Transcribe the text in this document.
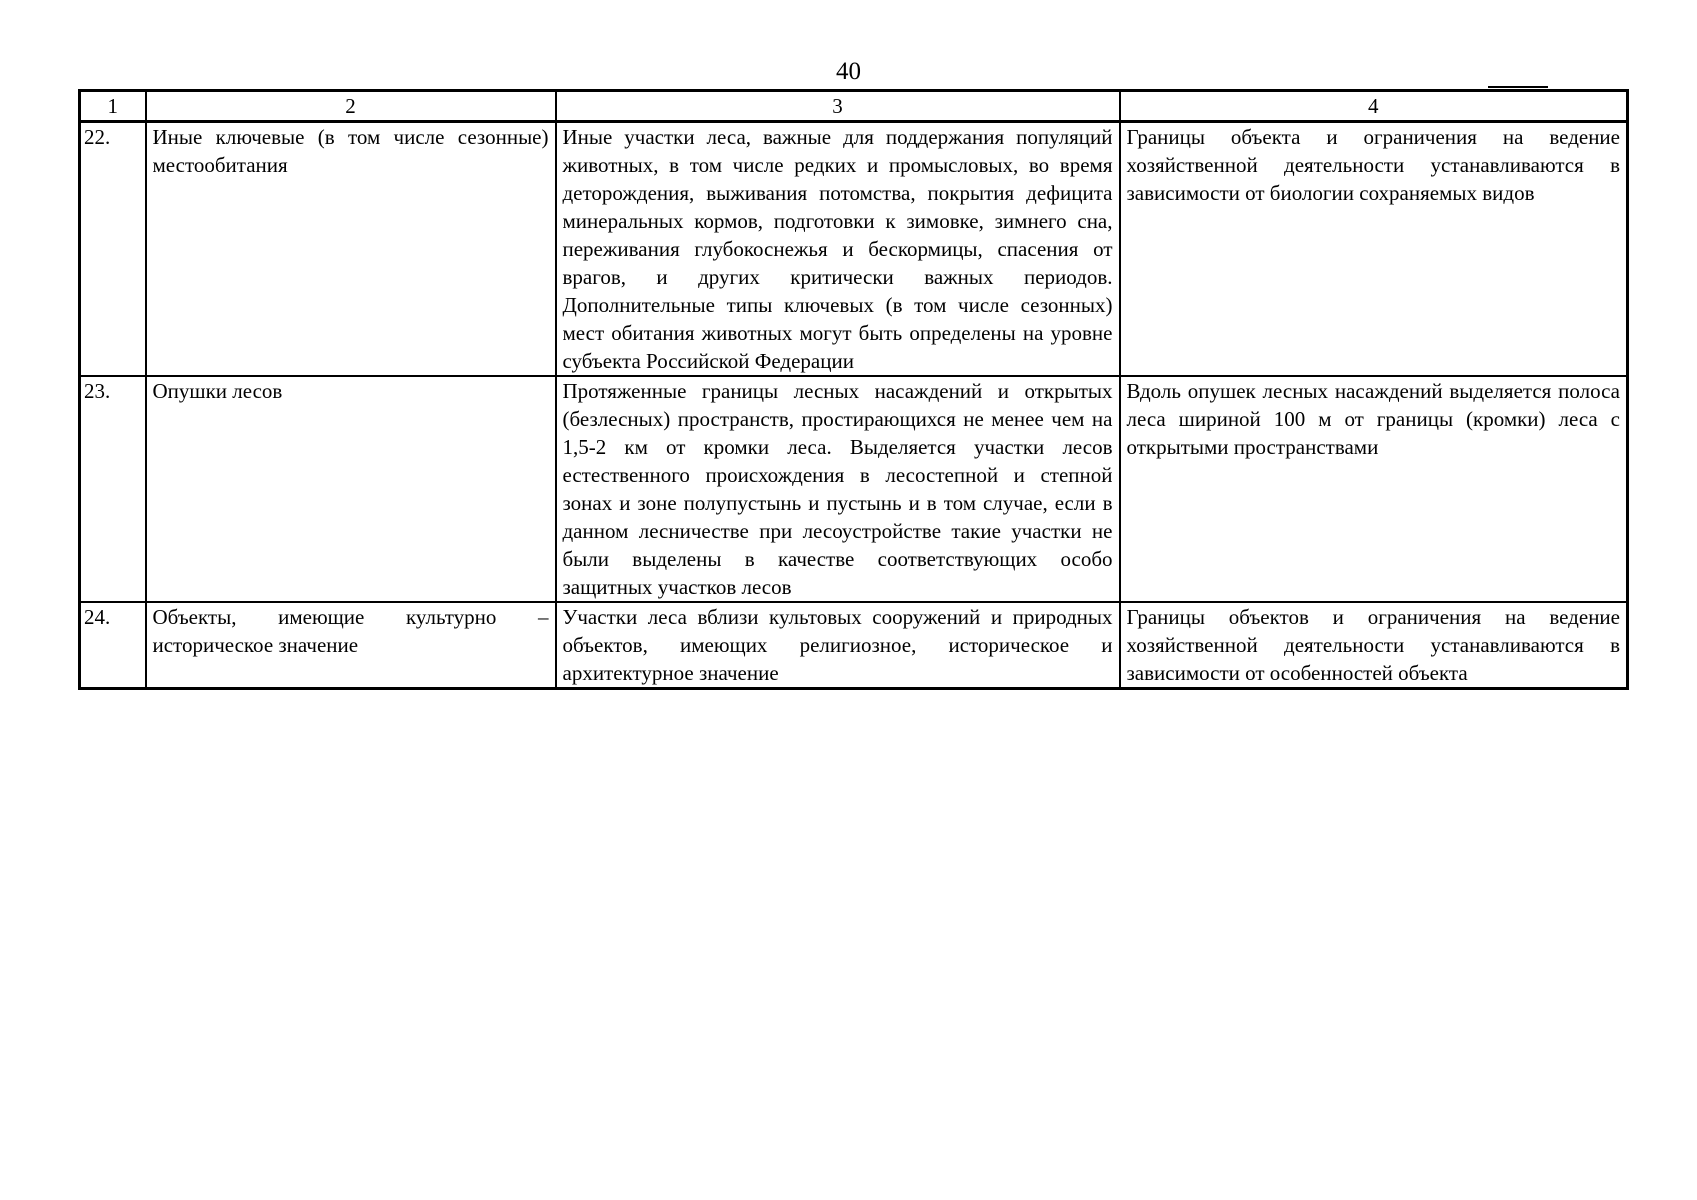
40
1	2	3	4
22.	Иные ключевые (в том числе сезонные) местообитания	Иные участки леса, важные для поддержания популяций животных, в том числе редких и промысловых, во время деторождения, выживания потомства, покрытия дефицита минеральных кормов, подготовки к зимовке, зимнего сна, переживания глубокоснежья и бескормицы, спасения от врагов, и других критически важных периодов. Дополнительные типы ключевых (в том числе сезонных) мест обитания животных могут быть определены на уровне субъекта Российской Федерации	Границы объекта и ограничения на ведение хозяйственной деятельности устанавливаются в зависимости от биологии сохраняемых видов
23.	Опушки лесов	Протяженные границы лесных насаждений и открытых (безлесных) пространств, простирающихся не менее чем на 1,5-2 км от кромки леса. Выделяется участки лесов естественного происхождения в лесостепной и степной зонах и зоне полупустынь и пустынь и в том случае, если в данном лесничестве при лесоустройстве такие участки не были выделены в качестве соответствующих особо защитных участков лесов	Вдоль опушек лесных насаждений выделяется полоса леса шириной 100 м от границы (кромки) леса с открытыми пространствами
24.	Объекты, имеющие культурно – историческое значение	Участки леса вблизи культовых сооружений и природных объектов, имеющих религиозное, историческое и архитектурное значение	Границы объектов и ограничения на ведение хозяйственной деятельности устанавливаются в зависимости от особенностей объекта
